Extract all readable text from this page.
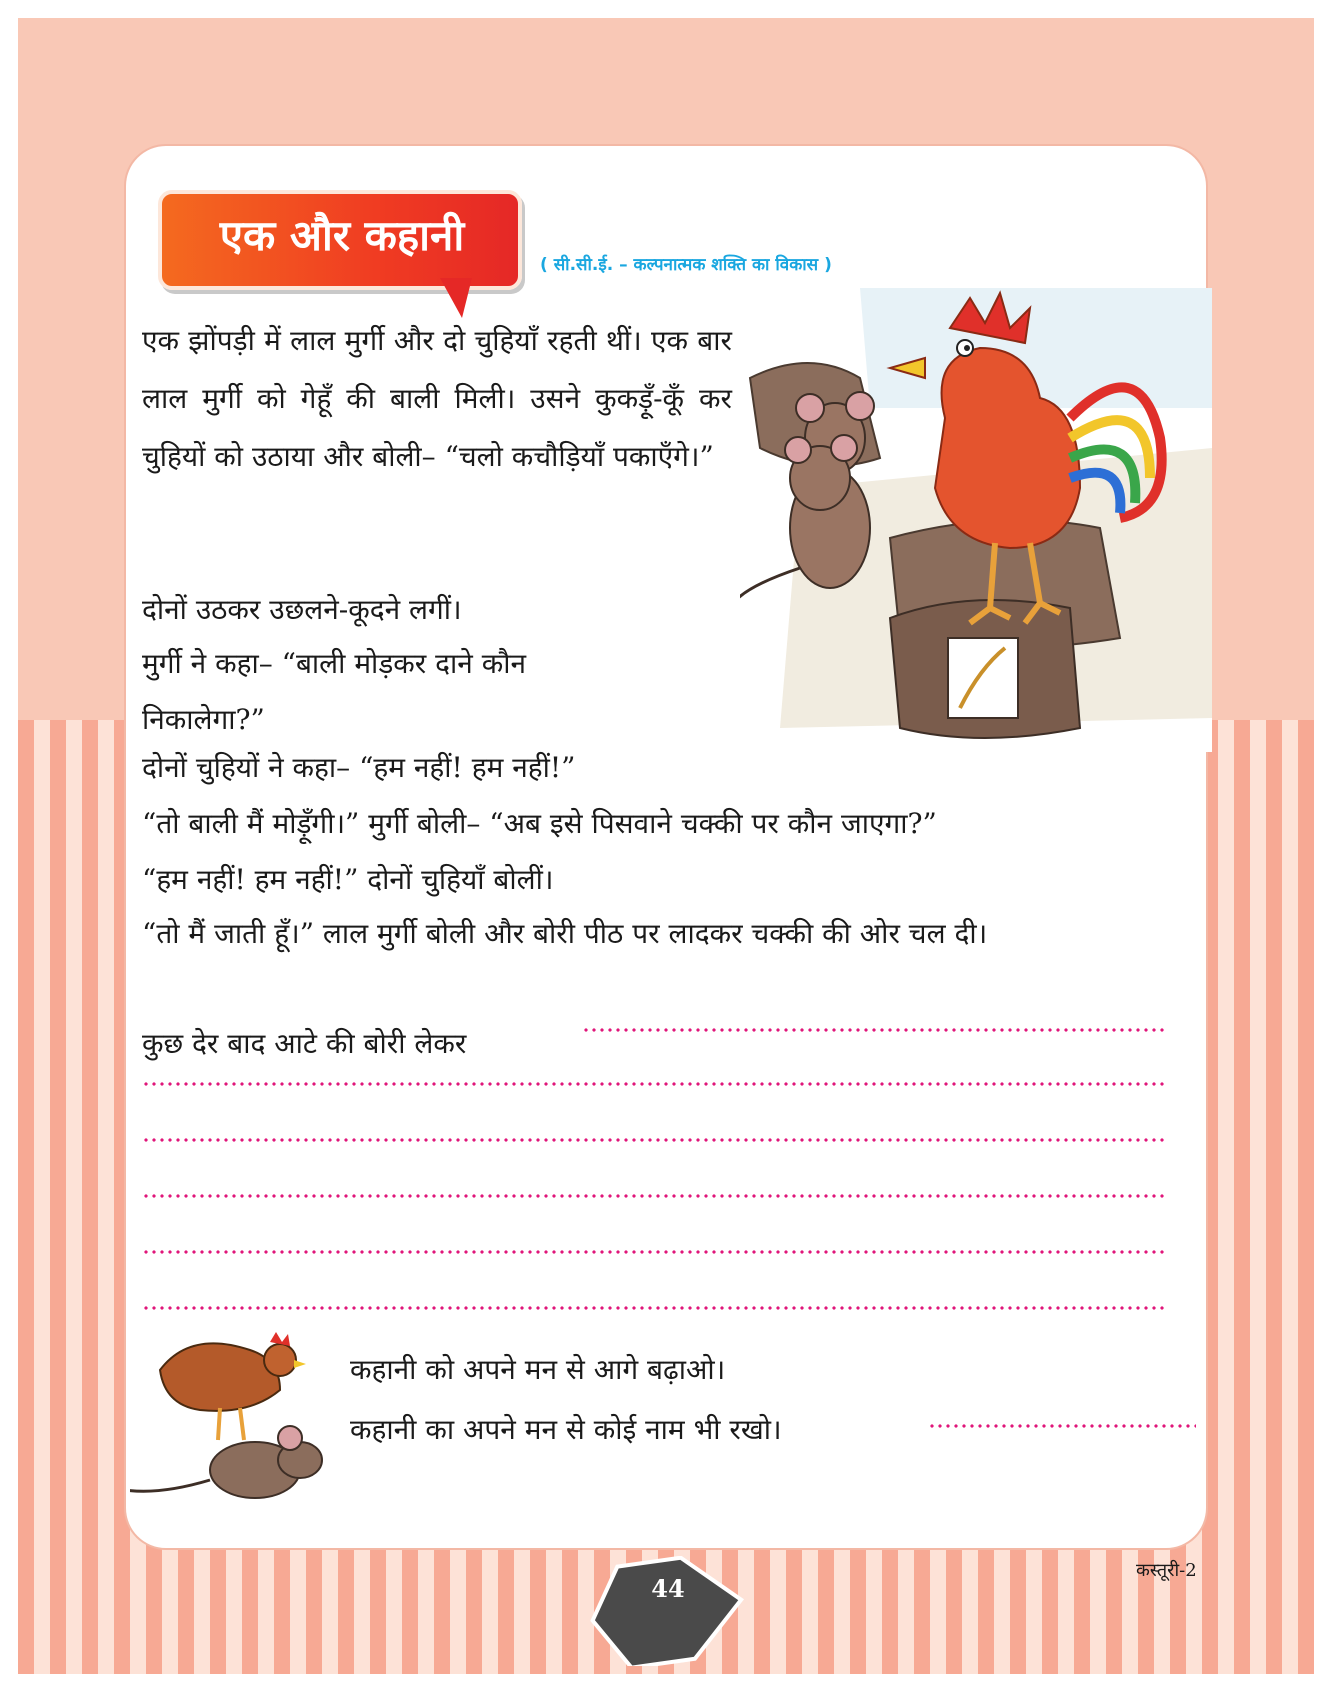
एक और कहानी
( सी.सी.ई. – कल्पनात्मक शक्ति का विकास )
एक झोंपड़ी में लाल मुर्गी और दो चुहियाँ रहती थीं। एक बार लाल मुर्गी को गेहूँ की बाली मिली। उसने कुकड़ूँ-कूँ कर चुहियों को उठाया और बोली– “चलो कचौड़ियाँ पकाएँगे।”
दोनों उठकर उछलने-कूदने लगीं।
मुर्गी ने कहा– “बाली मोड़कर दाने कौन निकालेगा?”
दोनों चुहियों ने कहा– “हम नहीं! हम नहीं!”
“तो बाली मैं मोड़ूँगी।” मुर्गी बोली– “अब इसे पिसवाने चक्की पर कौन जाएगा?”
“हम नहीं! हम नहीं!” दोनों चुहियाँ बोलीं।
“तो मैं जाती हूँ।” लाल मुर्गी बोली और बोरी पीठ पर लादकर चक्की की ओर चल दी।
कुछ देर बाद आटे की बोरी लेकर
कहानी को अपने मन से आगे बढ़ाओ।
कहानी का अपने मन से कोई नाम भी रखो।
44
कस्तूरी-2
